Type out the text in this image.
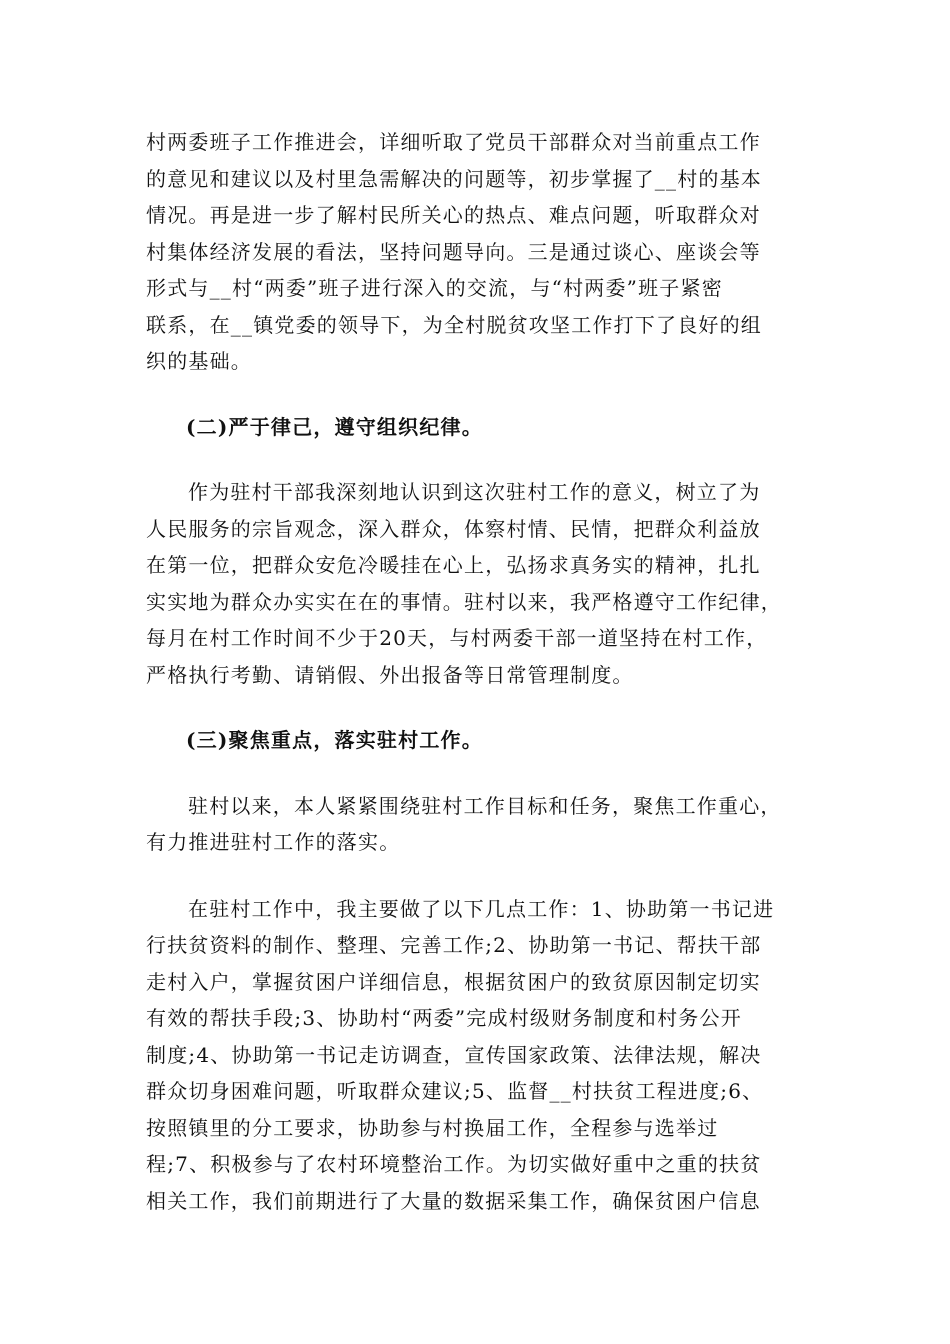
村两委班子工作推进会，详细听取了党员干部群众对当前重点工作
的意见和建议以及村里急需解决的问题等，初步掌握了__村的基本
情况。再是进一步了解村民所关心的热点、难点问题，听取群众对
村集体经济发展的看法，坚持问题导向。三是通过谈心、座谈会等
形式与__村“两委”班子进行深入的交流，与“村两委”班子紧密
联系，在__镇党委的领导下，为全村脱贫攻坚工作打下了良好的组
织的基础。
(二)严于律己，遵守组织纪律。
作为驻村干部我深刻地认识到这次驻村工作的意义，树立了为
人民服务的宗旨观念，深入群众，体察村情、民情，把群众利益放
在第一位，把群众安危冷暖挂在心上，弘扬求真务实的精神，扎扎
实实地为群众办实实在在的事情。驻村以来，我严格遵守工作纪律，
每月在村工作时间不少于20天，与村两委干部一道坚持在村工作，
严格执行考勤、请销假、外出报备等日常管理制度。
(三)聚焦重点，落实驻村工作。
驻村以来，本人紧紧围绕驻村工作目标和任务，聚焦工作重心，
有力推进驻村工作的落实。
在驻村工作中，我主要做了以下几点工作：1、协助第一书记进
行扶贫资料的制作、整理、完善工作;2、协助第一书记、帮扶干部
走村入户，掌握贫困户详细信息，根据贫困户的致贫原因制定切实
有效的帮扶手段;3、协助村“两委”完成村级财务制度和村务公开
制度;4、协助第一书记走访调查，宣传国家政策、法律法规，解决
群众切身困难问题，听取群众建议;5、监督__村扶贫工程进度;6、
按照镇里的分工要求，协助参与村换届工作，全程参与选举过
程;7、积极参与了农村环境整治工作。为切实做好重中之重的扶贫
相关工作，我们前期进行了大量的数据采集工作，确保贫困户信息
